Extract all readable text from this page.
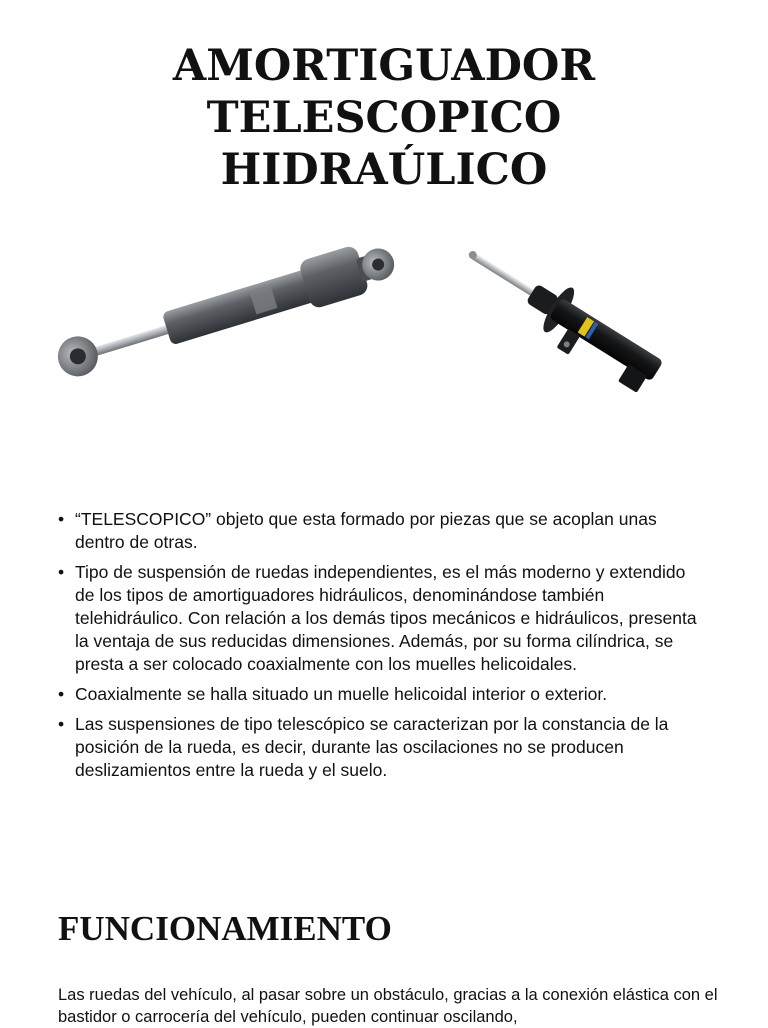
AMORTIGUADOR
TELESCOPICO
HIDRAÚLICO
• “TELESCOPICO” objeto que esta formado por piezas que se acoplan unas dentro de otras.
• Tipo de suspensión de ruedas independientes, es el más moderno y extendido de los tipos de amortiguadores hidráulicos, denominándose también telehidráulico. Con relación a los demás tipos mecánicos e hidráulicos, presenta la ventaja de sus reducidas dimensiones. Además, por su forma cilíndrica, se presta a ser colocado coaxialmente con los muelles helicoidales.
• Coaxialmente se halla situado un muelle helicoidal interior o exterior.
• Las suspensiones de tipo telescópico se caracterizan por la constancia de la posición de la rueda, es decir, durante las oscilaciones no se producen deslizamientos entre la rueda y el suelo.
FUNCIONAMIENTO

Las ruedas del vehículo, al pasar sobre un obstáculo, gracias a la conexión elástica con el bastidor o carrocería del vehículo, pueden continuar oscilando,
